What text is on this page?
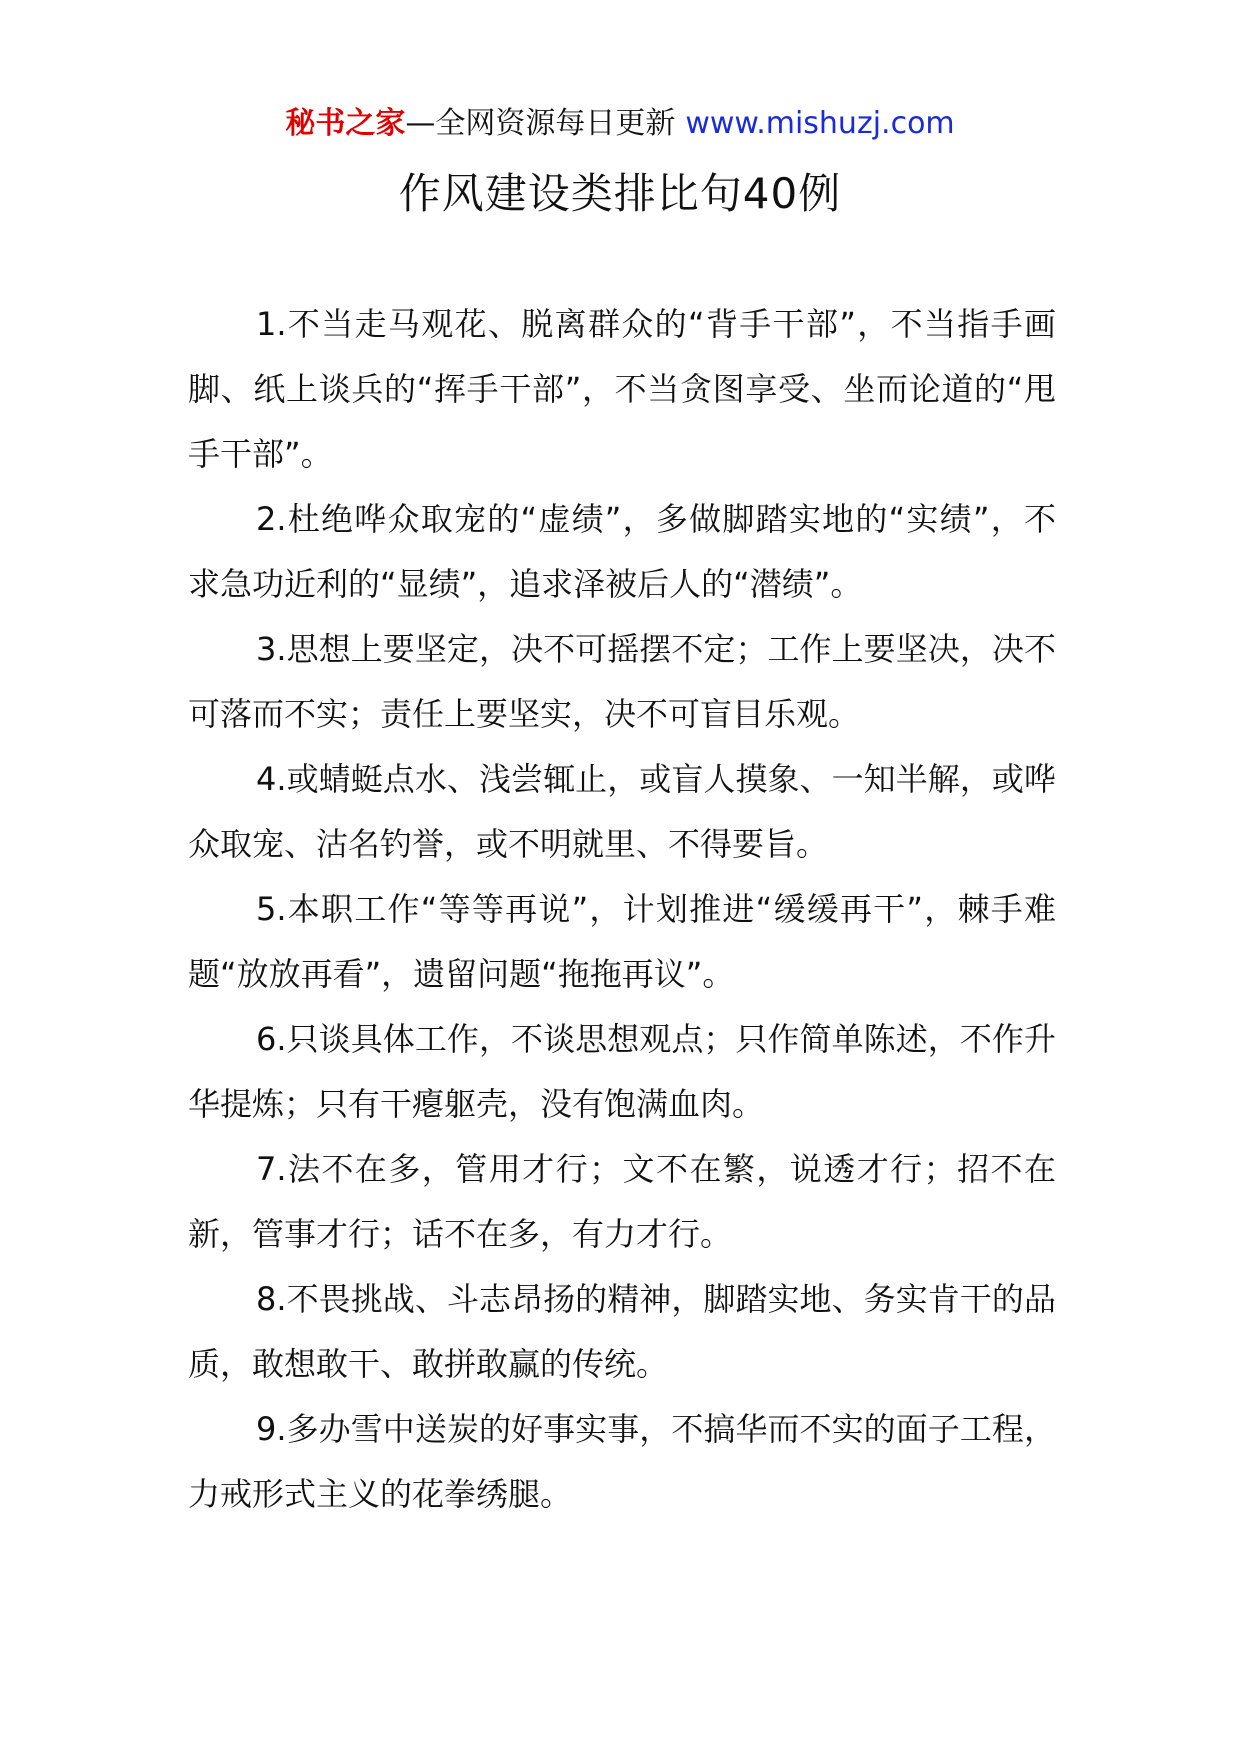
秘书之家—全网资源每日更新 www.mishuzj.com
作风建设类排比句40例

1.不当走马观花、脱离群众的“背手干部”，不当指手画脚、纸上谈兵的“挥手干部”，不当贪图享受、坐而论道的“甩手干部”。

2.杜绝哗众取宠的“虚绩”，多做脚踏实地的“实绩”，不求急功近利的“显绩”，追求泽被后人的“潜绩”。

3.思想上要坚定，决不可摇摆不定；工作上要坚决，决不可落而不实；责任上要坚实，决不可盲目乐观。

4.或蜻蜓点水、浅尝辄止，或盲人摸象、一知半解，或哗众取宠、沽名钓誉，或不明就里、不得要旨。

5.本职工作“等等再说”，计划推进“缓缓再干”，棘手难题“放放再看”，遗留问题“拖拖再议”。

6.只谈具体工作，不谈思想观点；只作简单陈述，不作升华提炼；只有干瘪躯壳，没有饱满血肉。

7.法不在多，管用才行；文不在繁，说透才行；招不在新，管事才行；话不在多，有力才行。

8.不畏挑战、斗志昂扬的精神，脚踏实地、务实肯干的品质，敢想敢干、敢拼敢赢的传统。

9.多办雪中送炭的好事实事，不搞华而不实的面子工程，力戒形式主义的花拳绣腿。
